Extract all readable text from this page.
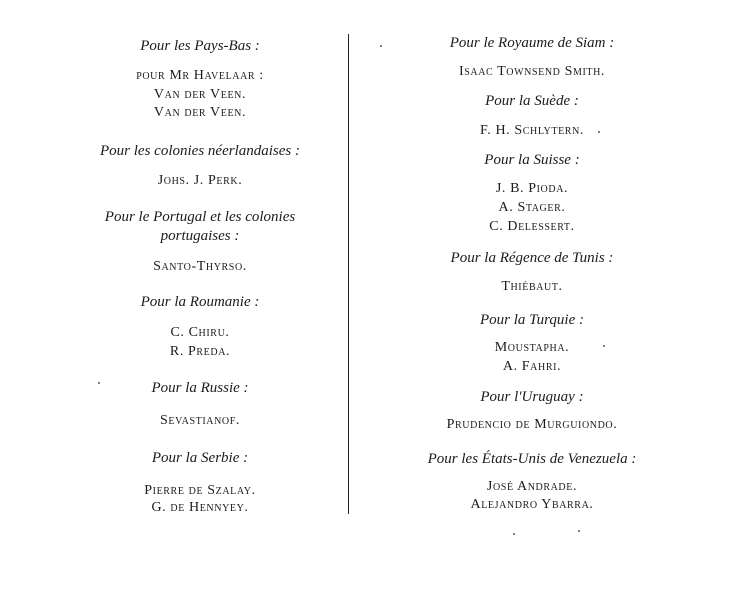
Pour les Pays-Bas :
pour Mr Havelaar :
Van der Veen.
Van der Veen.
Pour les colonies néerlandaises :
Johs. J. Perk.
Pour le Portugal et les colonies
portugaises :
Santo-Thyrso.
Pour la Roumanie :
C. Chiru.
R. Preda.
Pour la Russie :
Sevastianof.
Pour la Serbie :
Pierre de Szalay.
G. de Hennyey.
Pour le Royaume de Siam :
Isaac Townsend Smith.
Pour la Suède :
F. H. Schlytern.
Pour la Suisse :
J. B. Pioda.
A. Stager.
C. Delessert.
Pour la Régence de Tunis :
Thiébaut.
Pour la Turquie :
Moustapha.
A. Fahri.
Pour l'Uruguay :
Prudencio de Murguiondo.
Pour les États-Unis de Venezuela :
José Andrade.
Alejandro Ybarra.
